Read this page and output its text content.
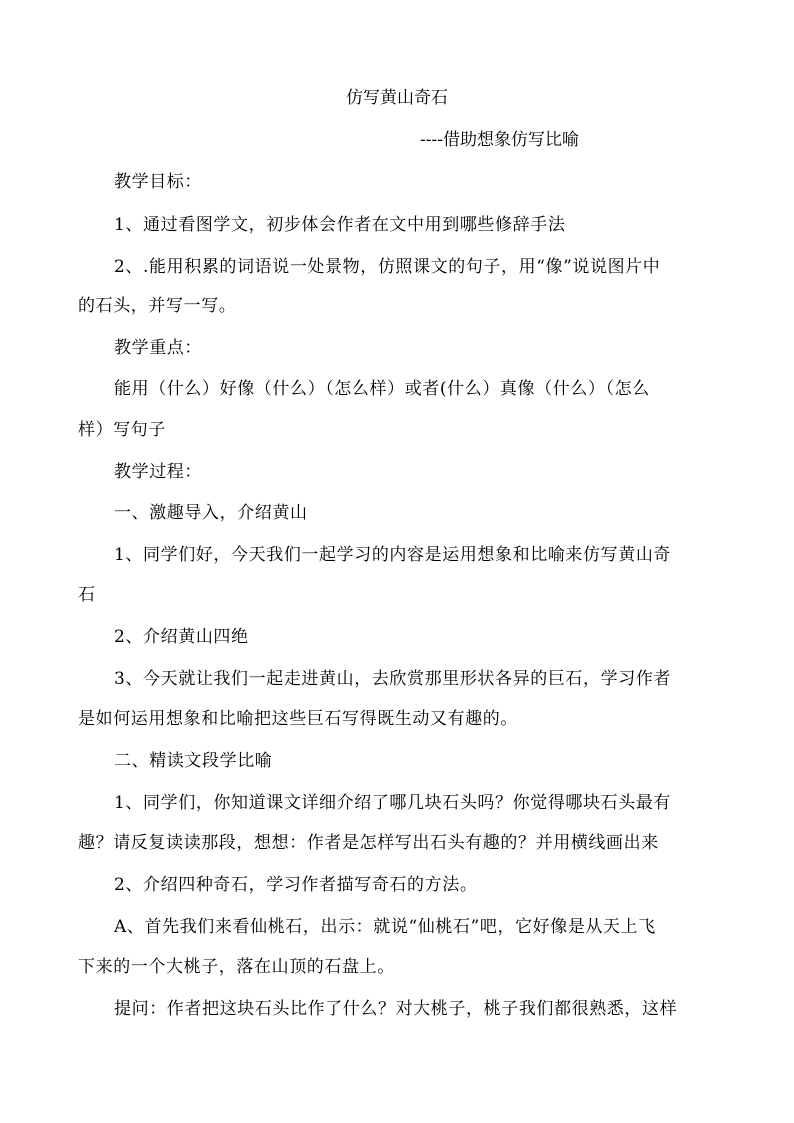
仿写黄山奇石
----借助想象仿写比喻
教学目标：
1、通过看图学文，初步体会作者在文中用到哪些修辞手法
2、.能用积累的词语说一处景物，仿照课文的句子，用“像”说说图片中
的石头，并写一写。
教学重点：
能用（什么）好像（什么）（怎么样）或者(什么）真像（什么）（怎么
样）写句子
教学过程：
一、激趣导入，介绍黄山
1、同学们好，今天我们一起学习的内容是运用想象和比喻来仿写黄山奇
石
2、介绍黄山四绝
3、今天就让我们一起走进黄山，去欣赏那里形状各异的巨石，学习作者
是如何运用想象和比喻把这些巨石写得既生动又有趣的。
二、精读文段学比喻
1、同学们，你知道课文详细介绍了哪几块石头吗？你觉得哪块石头最有
趣？请反复读读那段，想想：作者是怎样写出石头有趣的？并用横线画出来
2、介绍四种奇石，学习作者描写奇石的方法。
A、首先我们来看仙桃石，出示：就说“仙桃石”吧，它好像是从天上飞
下来的一个大桃子，落在山顶的石盘上。
提问：作者把这块石头比作了什么？对大桃子，桃子我们都很熟悉，这样
